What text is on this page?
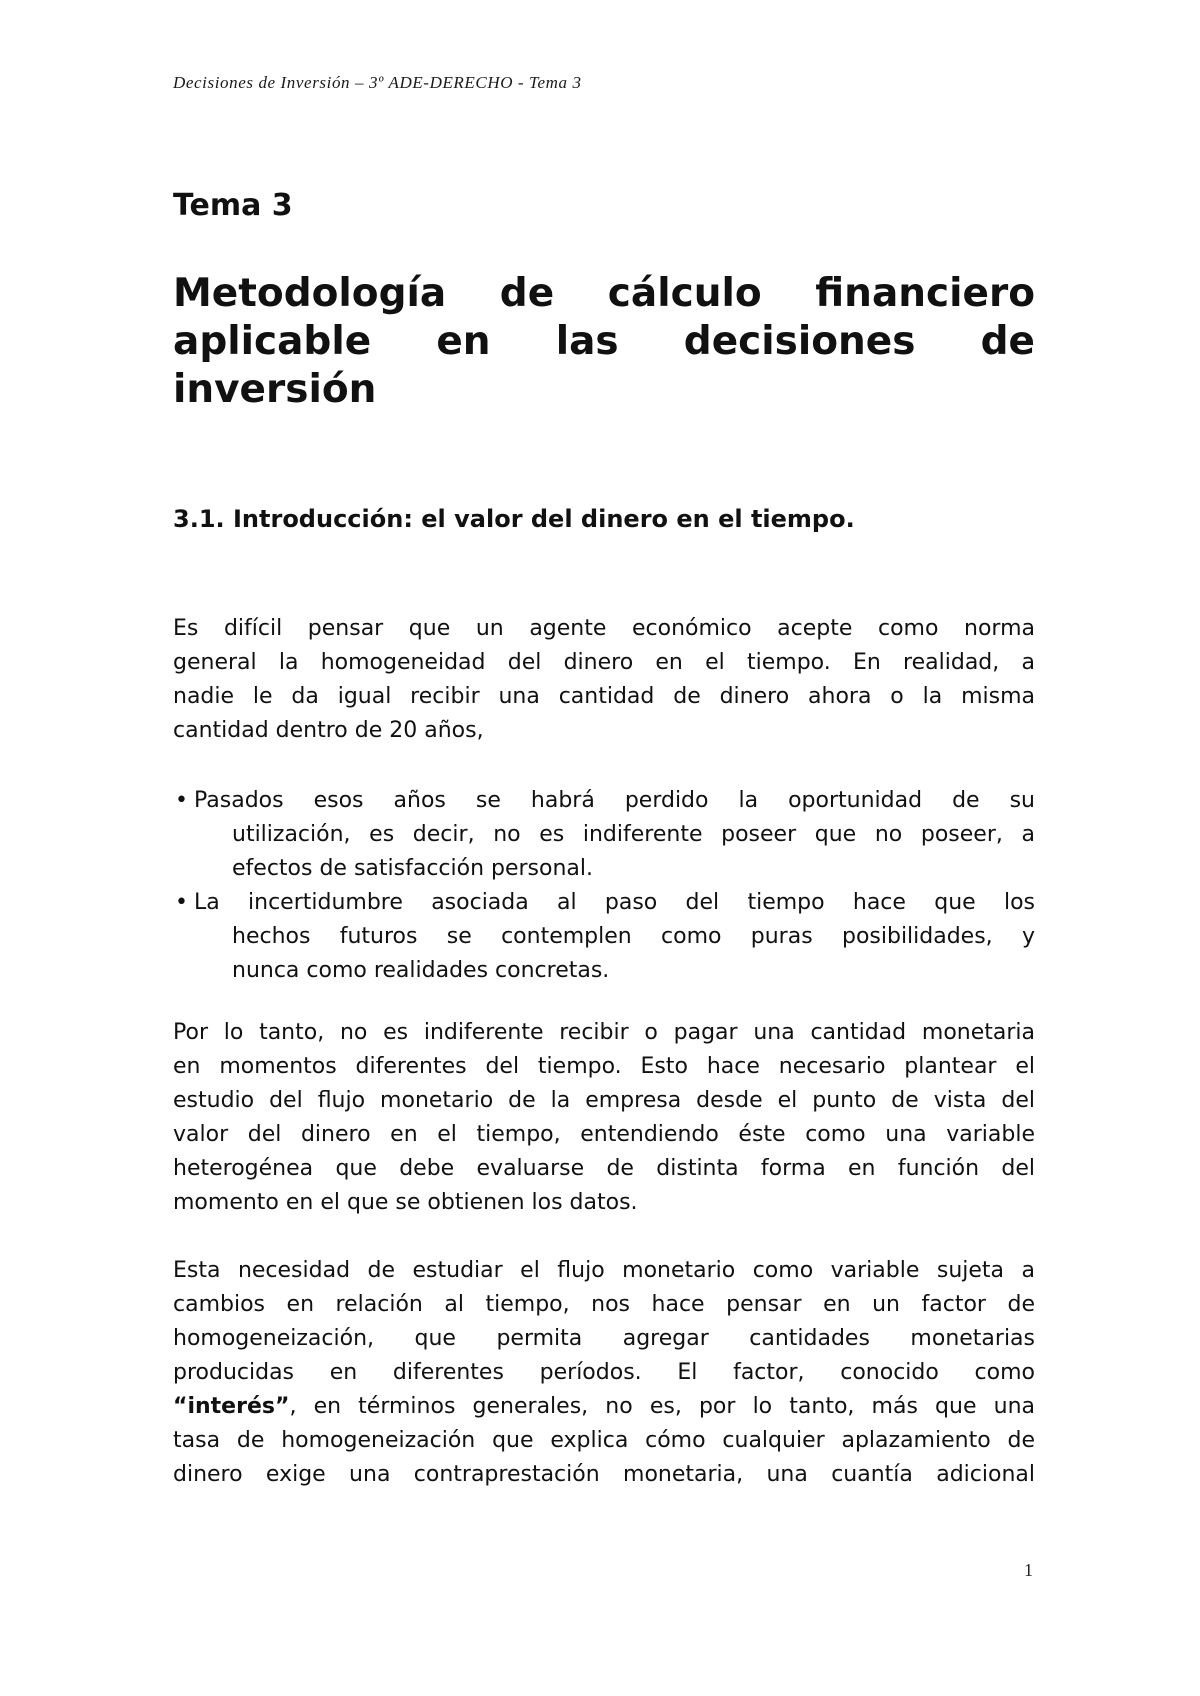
Decisiones de Inversión – 3º ADE-DERECHO - Tema 3
Tema 3
Metodología de cálculo financiero
aplicable en las decisiones de
inversión
3.1. Introducción: el valor del dinero en el tiempo.
Es difícil pensar que un agente económico acepte como norma
general la homogeneidad del dinero en el tiempo. En realidad, a
nadie le da igual recibir una cantidad de dinero ahora o la misma
cantidad dentro de 20 años,
• Pasados esos años se habrá perdido la oportunidad de su
utilización, es decir, no es indiferente poseer que no poseer, a
efectos de satisfacción personal.
• La incertidumbre asociada al paso del tiempo hace que los
hechos futuros se contemplen como puras posibilidades, y
nunca como realidades concretas.
Por lo tanto, no es indiferente recibir o pagar una cantidad monetaria
en momentos diferentes del tiempo. Esto hace necesario plantear el
estudio del flujo monetario de la empresa desde el punto de vista del
valor del dinero en el tiempo, entendiendo éste como una variable
heterogénea que debe evaluarse de distinta forma en función del
momento en el que se obtienen los datos.
Esta necesidad de estudiar el flujo monetario como variable sujeta a
cambios en relación al tiempo, nos hace pensar en un factor de
homogeneización, que permita agregar cantidades monetarias
producidas en diferentes períodos. El factor, conocido como
“interés”, en términos generales, no es, por lo tanto, más que una
tasa de homogeneización que explica cómo cualquier aplazamiento de
dinero exige una contraprestación monetaria, una cuantía adicional
1
